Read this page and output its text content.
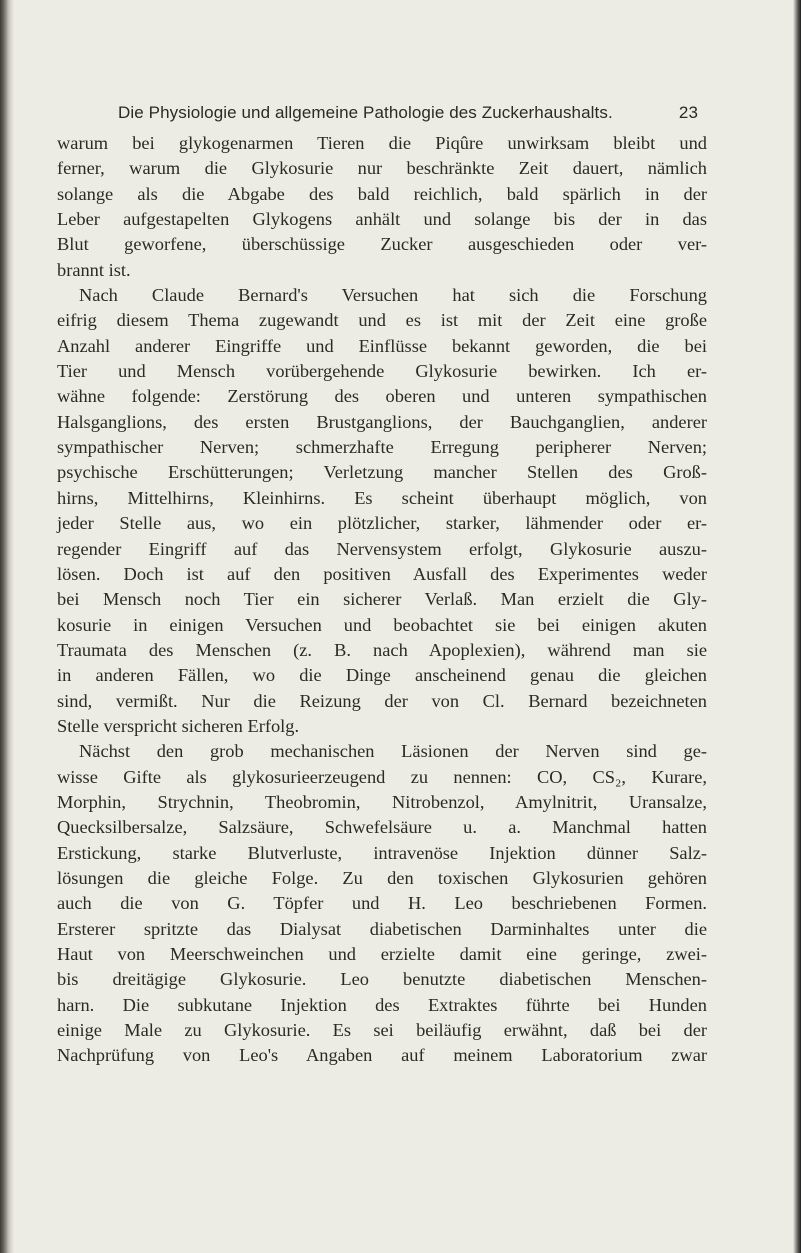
Die Physiologie und allgemeine Pathologie des Zuckerhaushalts.	23
warum bei glykogenarmen Tieren die Piqûre unwirksam bleibt und
ferner, warum die Glykosurie nur beschränkte Zeit dauert, nämlich
solange als die Abgabe des bald reichlich, bald spärlich in der
Leber aufgestapelten Glykogens anhält und solange bis der in das
Blut geworfene, überschüssige Zucker ausgeschieden oder ver-
brannt ist.
Nach Claude Bernard's Versuchen hat sich die Forschung
eifrig diesem Thema zugewandt und es ist mit der Zeit eine große
Anzahl anderer Eingriffe und Einflüsse bekannt geworden, die bei
Tier und Mensch vorübergehende Glykosurie bewirken. Ich er-
wähne folgende: Zerstörung des oberen und unteren sympathischen
Halsganglions, des ersten Brustganglions, der Bauchganglien, anderer
sympathischer Nerven; schmerzhafte Erregung peripherer Nerven;
psychische Erschütterungen; Verletzung mancher Stellen des Groß-
hirns, Mittelhirns, Kleinhirns. Es scheint überhaupt möglich, von
jeder Stelle aus, wo ein plötzlicher, starker, lähmender oder er-
regender Eingriff auf das Nervensystem erfolgt, Glykosurie auszu-
lösen. Doch ist auf den positiven Ausfall des Experimentes weder
bei Mensch noch Tier ein sicherer Verlaß. Man erzielt die Gly-
kosurie in einigen Versuchen und beobachtet sie bei einigen akuten
Traumata des Menschen (z. B. nach Apoplexien), während man sie
in anderen Fällen, wo die Dinge anscheinend genau die gleichen
sind, vermißt. Nur die Reizung der von Cl. Bernard bezeichneten
Stelle verspricht sicheren Erfolg.
Nächst den grob mechanischen Läsionen der Nerven sind ge-
wisse Gifte als glykosurieerzeugend zu nennen: CO, CS₂, Kurare,
Morphin, Strychnin, Theobromin, Nitrobenzol, Amylnitrit, Uransalze,
Quecksilbersalze, Salzsäure, Schwefelsäure u. a. Manchmal hatten
Erstickung, starke Blutverluste, intravenöse Injektion dünner Salz-
lösungen die gleiche Folge. Zu den toxischen Glykosurien gehören
auch die von G. Töpfer und H. Leo beschriebenen Formen.
Ersterer spritzte das Dialysat diabetischen Darminhaltes unter die
Haut von Meerschweinchen und erzielte damit eine geringe, zwei-
bis dreitägige Glykosurie. Leo benutzte diabetischen Menschen-
harn. Die subkutane Injektion des Extraktes führte bei Hunden
einige Male zu Glykosurie. Es sei beiläufig erwähnt, daß bei der
Nachprüfung von Leo's Angaben auf meinem Laboratorium zwar
